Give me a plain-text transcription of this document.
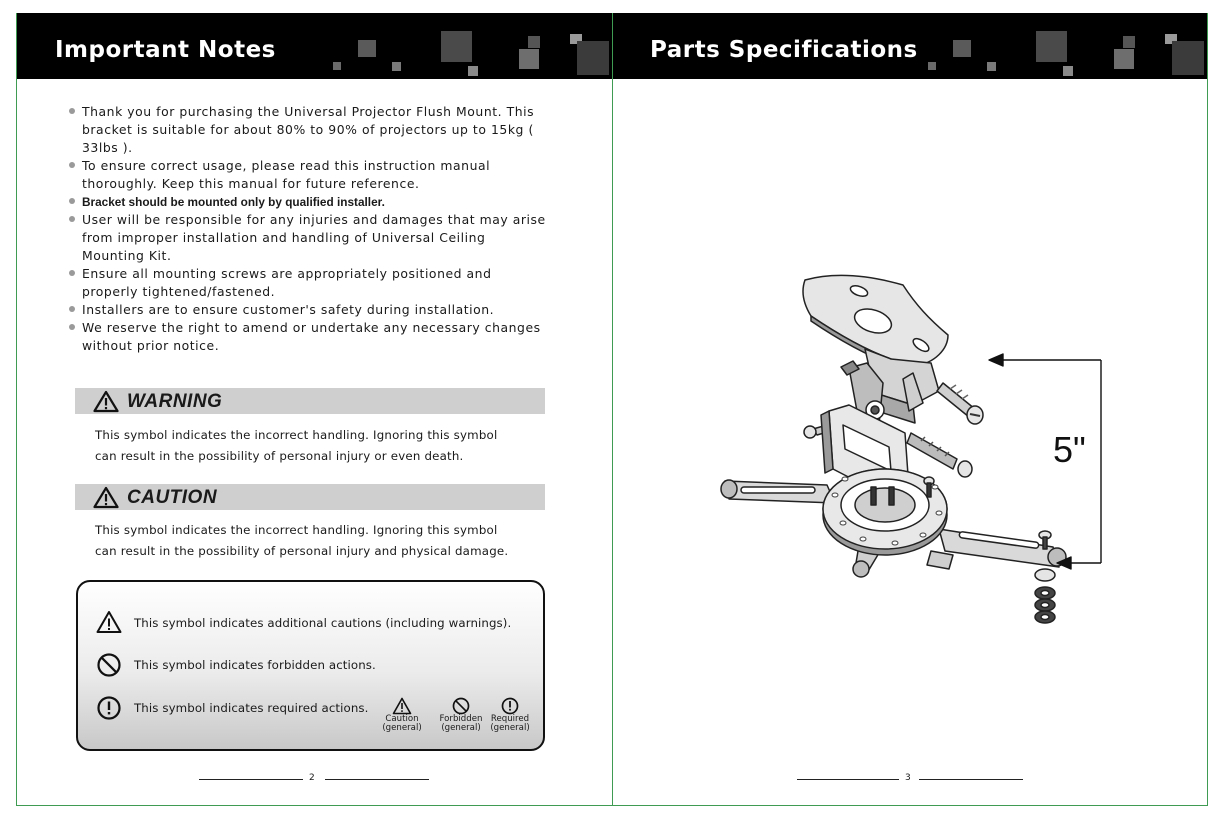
Important Notes
Thank you for purchasing the Universal Projector Flush Mount. This bracket is suitable for about 80% to 90% of projectors up to 15kg ( 33lbs ).
To ensure correct usage, please read this instruction manual thoroughly. Keep this manual for future reference.
Bracket should be mounted only by qualified installer.
User will be responsible for any injuries and damages that may arise from improper installation and handling of Universal Ceiling Mounting Kit.
Ensure all mounting screws are appropriately positioned and properly tightened/fastened.
Installers are to ensure customer's safety during installation.
We reserve the right to amend or undertake any necessary changes without prior notice.
WARNING
This symbol indicates the incorrect handling. Ignoring this symbol
can result in the possibility of personal injury or even death.
CAUTION
This symbol indicates the incorrect handling. Ignoring this symbol
can result in the possibility of personal injury and physical damage.
This symbol indicates additional cautions (including warnings).
This symbol indicates forbidden actions.
This symbol indicates required actions.
Caution
(general)
Forbidden
(general)
Required
(general)
2
Parts Specifications
5"
3
